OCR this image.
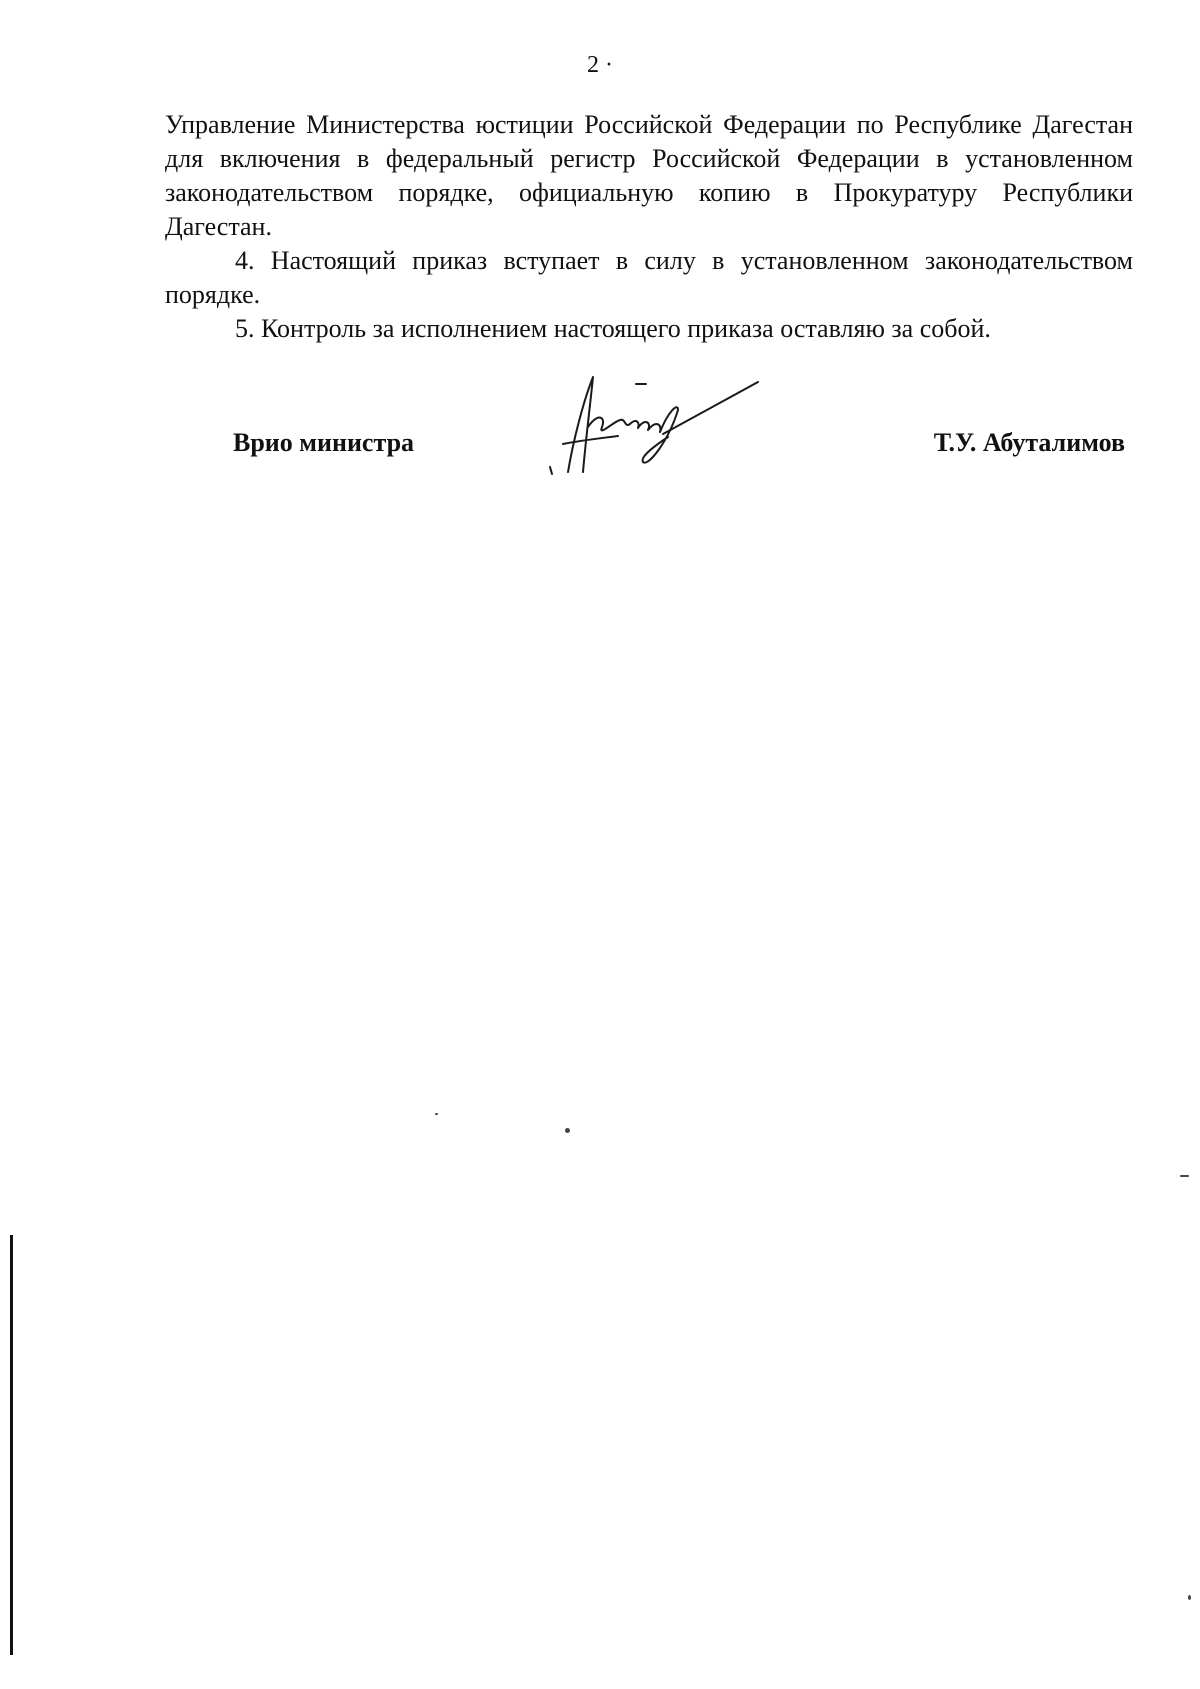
2 ·

Управление Министерства юстиции Российской Федерации по Республике Дагестан для включения в федеральный регистр Российской Федерации в установленном законодательством порядке, официальную копию в Прокуратуру Республики Дагестан.

4. Настоящий приказ вступает в силу в установленном законодательством порядке.

5. Контроль за исполнением настоящего приказа оставляю за собой.

Врио министра	Т.У. Абуталимов
